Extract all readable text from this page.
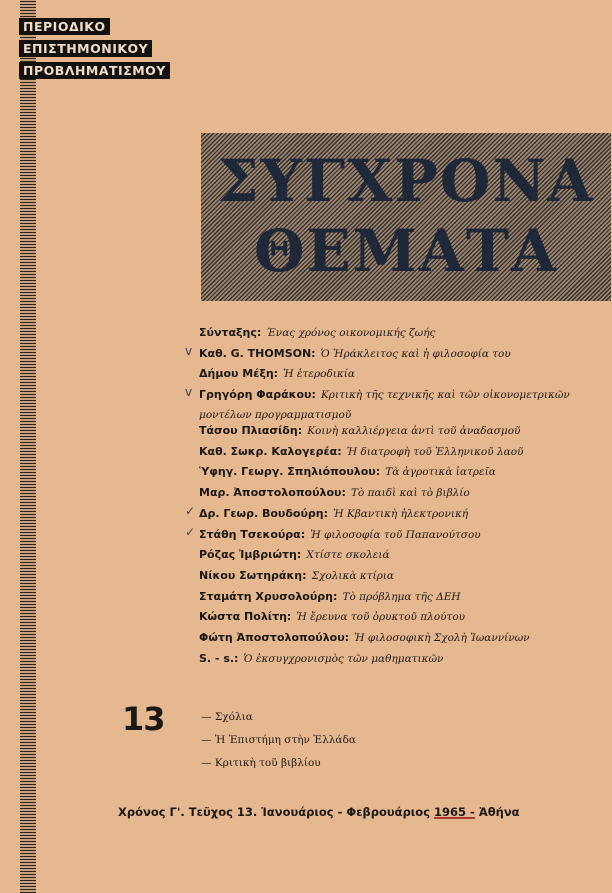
ΠΕΡΙΟΔΙΚΟ
ΕΠΙΣΤΗΜΟΝΙΚΟΥ
ΠΡΟΒΛΗΜΑΤΙΣΜΟΥ
ΣΥΓΧΡΟΝΑ
ΘΕΜΑΤΑ
Σύνταξης: Ένας χρόνος οικονομικής ζωής
v Καθ. G. THOMSON: Ὁ Ἡράκλειτος καὶ ἡ φιλοσοφία του
Δήμου Μέξη: Ἡ ἑτεροδικία
v Γρηγόρη Φαράκου: Κριτικὴ τῆς τεχνικῆς καὶ τῶν οἰκονομετρικῶν μοντέλων προγραμματισμοῦ
Τάσου Πλιασίδη: Κοινὴ καλλιέργεια ἀντὶ τοῦ ἀναδασμοῦ
Καθ. Σωκρ. Καλογερέα: Ἡ διατροφὴ τοῦ Ἑλληνικοῦ λαοῦ
Ὑφηγ. Γεωργ. Σπηλιόπουλου: Τὰ ἀγροτικὰ ἰατρεῖα
Μαρ. Ἀποστολοπούλου: Τὸ παιδὶ καὶ τὸ βιβλίο
✓ Δρ. Γεωρ. Βουδούρη: Ἡ Κβαντικὴ ἠλεκτρονική
✓ Στάθη Τσεκούρα: Ἡ φιλοσοφία τοῦ Παπανούτσου
Ρόζας Ἰμβριώτη: Χτίστε σκολειά
Νίκου Σωτηράκη: Σχολικὰ κτίρια
Σταμάτη Χρυσολούρη: Τὸ πρόβλημα τῆς ΔΕΗ
Κώστα Πολίτη: Ἡ ἔρευνα τοῦ ὀρυκτοῦ πλούτου
Φώτη Ἀποστολοπούλου: Ἡ φιλοσοφικὴ Σχολὴ Ἰωαννίνων
S. - s.: Ὁ ἐκσυγχρονισμὸς τῶν μαθηματικῶν
13	— Σχόλια
— Ἡ Ἐπιστήμη στὴν Ἑλλάδα
— Κριτικὴ τοῦ βιβλίου
Χρόνος Γ'. Τεῦχος 13. Ἰανουάριος - Φεβρουάριος 1965 - Ἀθήνα
